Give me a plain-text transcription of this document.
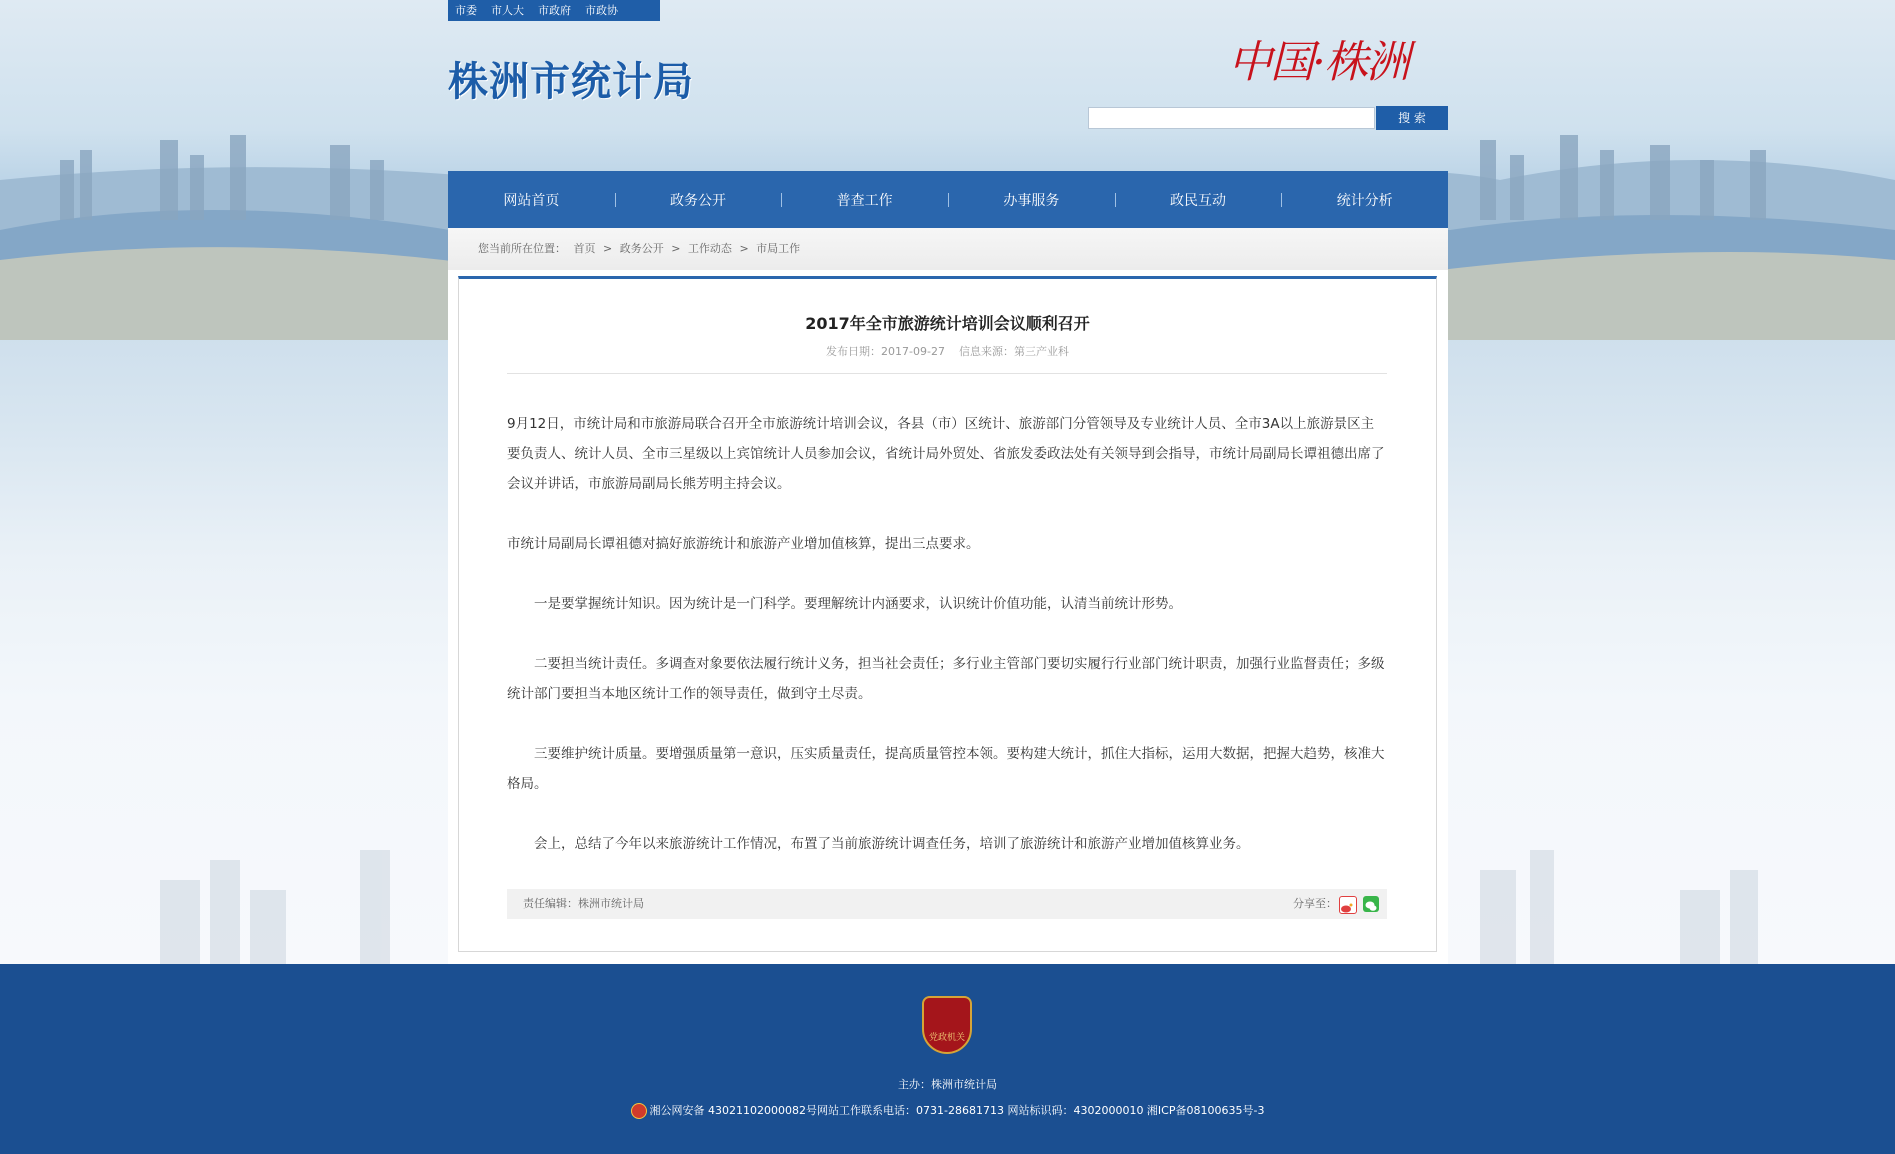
市委	市人大	市政府	市政协
株洲市统计局	中国·株洲
搜 索
网站首页	政务公开	普查工作	办事服务	政民互动	统计分析
您当前所在位置： 首页 > 政务公开 > 工作动态 > 市局工作
2017年全市旅游统计培训会议顺利召开
发布日期：2017-09-27 信息来源：第三产业科

9月12日，市统计局和市旅游局联合召开全市旅游统计培训会议，各县（市）区统计、旅游部门分管领导及专业统计人员、全市3A以上旅游景区主要负责人、统计人员、全市三星级以上宾馆统计人员参加会议，省统计局外贸处、省旅发委政法处有关领导到会指导，市统计局副局长谭祖德出席了会议并讲话，市旅游局副局长熊芳明主持会议。

市统计局副局长谭祖德对搞好旅游统计和旅游产业增加值核算，提出三点要求。

一是要掌握统计知识。因为统计是一门科学。要理解统计内涵要求，认识统计价值功能，认清当前统计形势。

二要担当统计责任。多调查对象要依法履行统计义务，担当社会责任；多行业主管部门要切实履行行业部门统计职责，加强行业监督责任；多级统计部门要担当本地区统计工作的领导责任，做到守土尽责。

三要维护统计质量。要增强质量第一意识，压实质量责任，提高质量管控本领。要构建大统计，抓住大指标，运用大数据，把握大趋势，核准大格局。

会上，总结了今年以来旅游统计工作情况，布置了当前旅游统计调查任务，培训了旅游统计和旅游产业增加值核算业务。

责任编辑：株洲市统计局	分享至：
党政机关
主办：株洲市统计局
湘公网安备 43021102000082号网站工作联系电话：0731-28681713 网站标识码：4302000010 湘ICP备08100635号-3
